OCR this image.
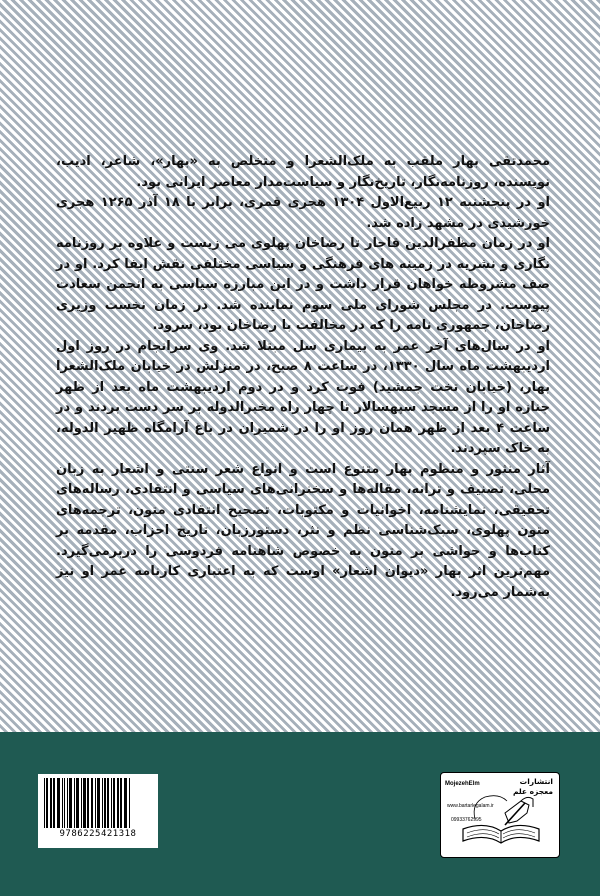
محمدتقی بهار ملقب به ملک‌الشعرا و متخلص به «بهار»، شاعر، ادیب، نویسنده، روزنامه‌نگار، تاریخ‌نگار و سیاست‌مدار معاصر ایرانی بود.

او در پنجشنبه ۱۲ ربیع‌الاول ۱۳۰۴ هجری قمری، برابر با ۱۸ آذر ۱۲۶۵ هجری خورشیدی در مشهد زاده شد.

او در زمان مظفرالدین قاجار تا رضاخان پهلوی می زیست و علاوه بر روزنامه نگاری و نشریه در زمینه های فرهنگی و سیاسی مختلفی نقش ایفا کرد. او در صف مشروطه خواهان قرار داشت و در این مبارزه سیاسی به انجمن سعادت پیوست. در مجلس شورای ملی سوم نماینده شد. در زمان نخست وزیری رضاخان، جمهوری نامه را که در مخالفت با رضاخان بود، سرود.

او در سال‌های آخر عمر به بیماری سل مبتلا شد. وی سرانجام در روز اول اردیبهشت ماه سال ۱۳۳۰، در ساعت ۸ صبح، در منزلش در خیابان ملک‌الشعرا بهار، (خیابان تخت جمشید) فوت کرد و در دوم اردیبهشت ماه بعد از ظهر جنازه او را از مسجد سپهسالار تا چهار راه مخبرالدوله بر سر دست بردند و در ساعت ۴ بعد از ظهر همان روز او را در شمیران در باغ آرامگاه ظهیر الدوله، به خاک سپردند.

آثار منثور و منظوم بهار متنوع است و انواع شعر سنتی و اشعار به زبان محلی، تصنیف و ترانه، مقاله‌ها و سخنرانی‌های سیاسی و انتقادی، رساله‌های تحقیقی، نمایشنامه، اخوانیات و مکتوبات، تصحیح انتقادی متون، ترجمه‌های متون پهلوی، سبک‌شناسی نظم و نثر، دستورزبان، تاریخ احزاب، مقدمه بر کتاب‌ها و حواشی بر متون به خصوص شاهنامه فردوسی را دربرمی‌گیرد. مهم‌ترین اثر بهار «دیوان اشعار» اوست که به اعتباری کارنامه عمر او نیز به‌شمار می‌رود.

9786225421318
انتشارات
معجزه علم
MojezehElm
www.bartarlegalam.ir
09933762995
